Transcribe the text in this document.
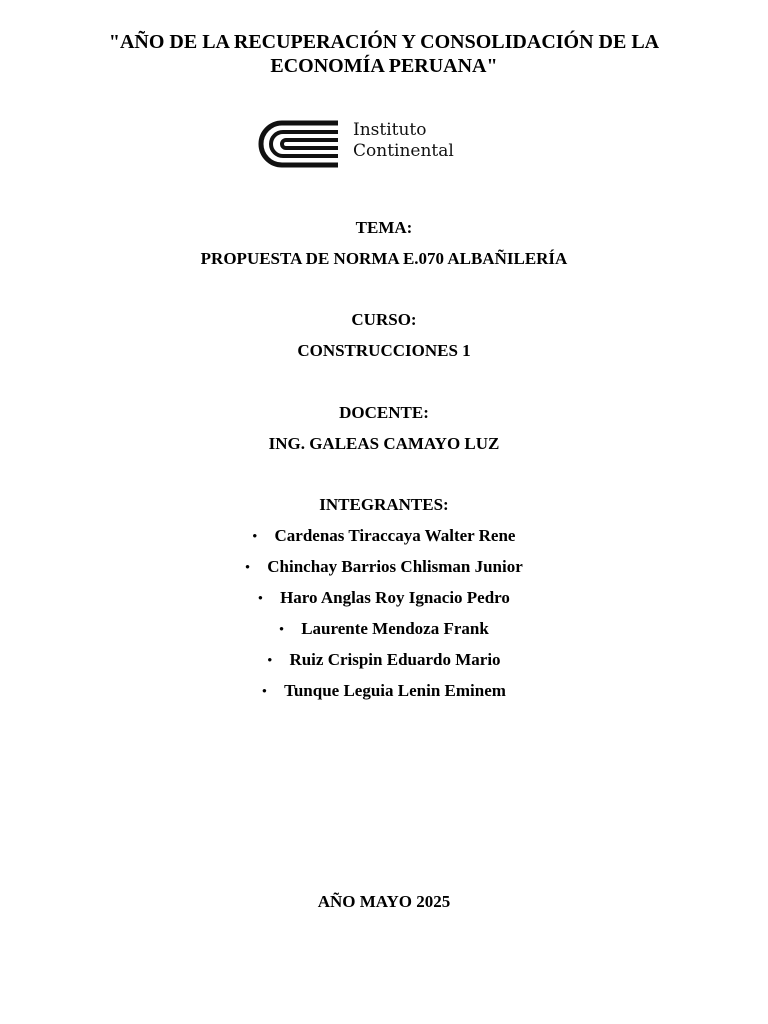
"AÑO DE LA RECUPERACIÓN Y CONSOLIDACIÓN DE LA
ECONOMÍA PERUANA"
Instituto
Continental
TEMA:
PROPUESTA DE NORMA E.070 ALBAÑILERÍA
CURSO:
CONSTRUCCIONES 1
DOCENTE:
ING. GALEAS CAMAYO LUZ
INTEGRANTES:
• Cardenas Tiraccaya Walter Rene
• Chinchay Barrios Chlisman Junior
• Haro Anglas Roy Ignacio Pedro
• Laurente Mendoza Frank
• Ruiz Crispin Eduardo Mario
• Tunque Leguia Lenin Eminem
AÑO MAYO 2025
